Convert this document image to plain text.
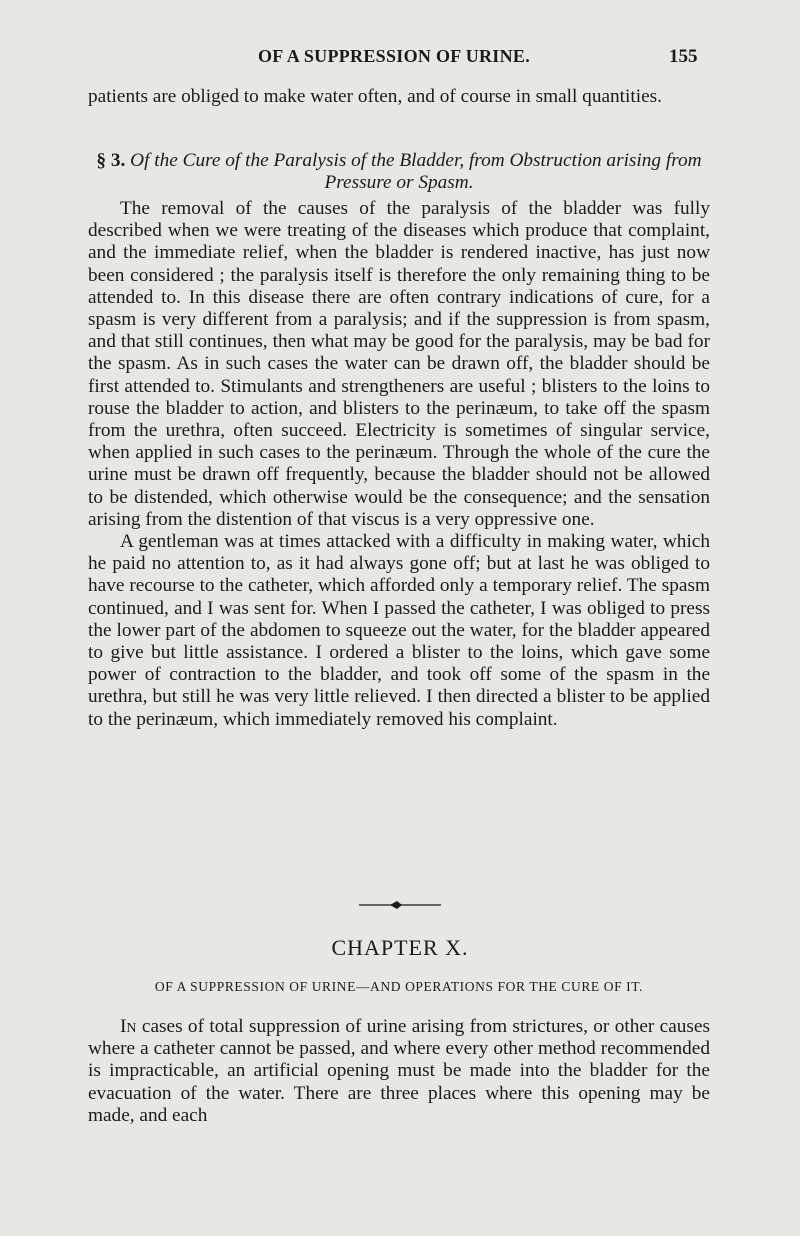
OF A SUPPRESSION OF URINE.	155

patients are obliged to make water often, and of course in small quantities.

§ 3. Of the Cure of the Paralysis of the Bladder, from Obstruction arising from Pressure or Spasm.

The removal of the causes of the paralysis of the bladder was fully described when we were treating of the diseases which produce that complaint, and the immediate relief, when the bladder is rendered inactive, has just now been considered ; the paralysis itself is therefore the only remaining thing to be attended to. In this disease there are often contrary indications of cure, for a spasm is very different from a paralysis; and if the suppression is from spasm, and that still continues, then what may be good for the paralysis, may be bad for the spasm. As in such cases the water can be drawn off, the bladder should be first attended to. Stimulants and strengtheners are useful ; blisters to the loins to rouse the bladder to action, and blisters to the perinæum, to take off the spasm from the urethra, often succeed. Electricity is sometimes of singular service, when applied in such cases to the perinæum. Through the whole of the cure the urine must be drawn off frequently, because the bladder should not be allowed to be distended, which otherwise would be the consequence; and the sensation arising from the distention of that viscus is a very oppressive one.

A gentleman was at times attacked with a difficulty in making water, which he paid no attention to, as it had always gone off; but at last he was obliged to have recourse to the catheter, which afforded only a temporary relief. The spasm continued, and I was sent for. When I passed the catheter, I was obliged to press the lower part of the abdomen to squeeze out the water, for the bladder appeared to give but little assistance. I ordered a blister to the loins, which gave some power of contraction to the bladder, and took off some of the spasm in the urethra, but still he was very little relieved. I then directed a blister to be applied to the perinæum, which immediately removed his complaint.

CHAPTER X.
OF A SUPPRESSION OF URINE—AND OPERATIONS FOR THE CURE OF IT.

In cases of total suppression of urine arising from strictures, or other causes where a catheter cannot be passed, and where every other method recommended is impracticable, an artificial opening must be made into the bladder for the evacuation of the water. There are three places where this opening may be made, and each
